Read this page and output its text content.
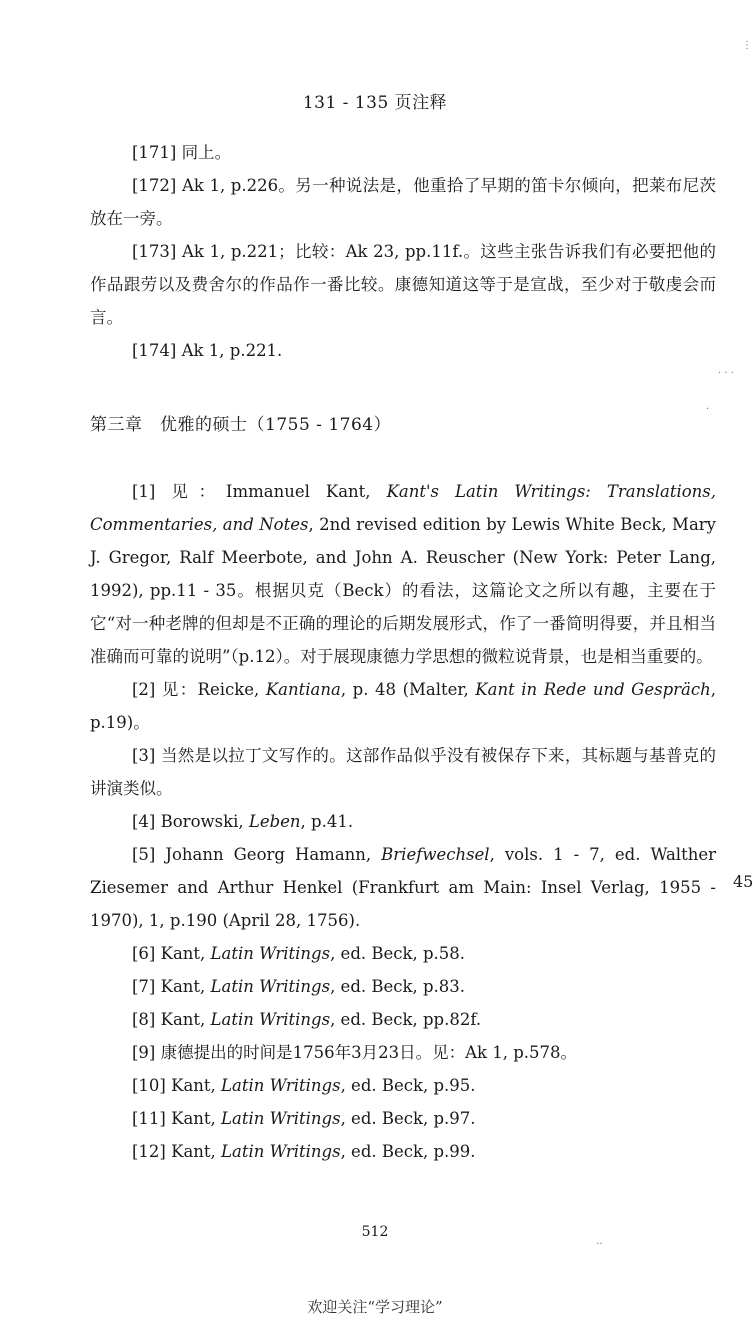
131 - 135 页注释

[171] 同上。

[172] Ak 1, p.226。另一种说法是，他重拾了早期的笛卡尔倾向，把莱布尼茨放在一旁。

[173] Ak 1, p.221；比较：Ak 23, pp.11f.。这些主张告诉我们有必要把他的作品跟劳以及费舍尔的作品作一番比较。康德知道这等于是宣战，至少对于敬虔会而言。

[174] Ak 1, p.221.

第三章　优雅的硕士（1755 - 1764）

[1] 见：Immanuel Kant, Kant's Latin Writings: Translations, Commentaries, and Notes, 2nd revised edition by Lewis White Beck, Mary J. Gregor, Ralf Meerbote, and John A. Reuscher (New York: Peter Lang, 1992), pp.11 - 35。根据贝克（Beck）的看法，这篇论文之所以有趣，主要在于它“对一种老牌的但却是不正确的理论的后期发展形式，作了一番简明得要，并且相当准确而可靠的说明”（p.12）。对于展现康德力学思想的微粒说背景，也是相当重要的。

[2] 见：Reicke, Kantiana, p. 48 (Malter, Kant in Rede und Gespräch, p.19)。

[3] 当然是以拉丁文写作的。这部作品似乎没有被保存下来，其标题与基普克的讲演类似。

[4] Borowski, Leben, p.41.

[5] Johann Georg Hamann, Briefwechsel, vols. 1 - 7, ed. Walther Ziesemer and Arthur Henkel (Frankfurt am Main: Insel Verlag, 1955 - 1970), 1, p.190 (April 28, 1756).

[6] Kant, Latin Writings, ed. Beck, p.58.

[7] Kant, Latin Writings, ed. Beck, p.83.

[8] Kant, Latin Writings, ed. Beck, pp.82f.

[9] 康德提出的时间是1756年3月23日。见：Ak 1, p.578。

[10] Kant, Latin Writings, ed. Beck, p.95.

[11] Kant, Latin Writings, ed. Beck, p.97.

[12] Kant, Latin Writings, ed. Beck, p.99.

45
· · ·
⋮
·
‥
512
欢迎关注“学习理论”
